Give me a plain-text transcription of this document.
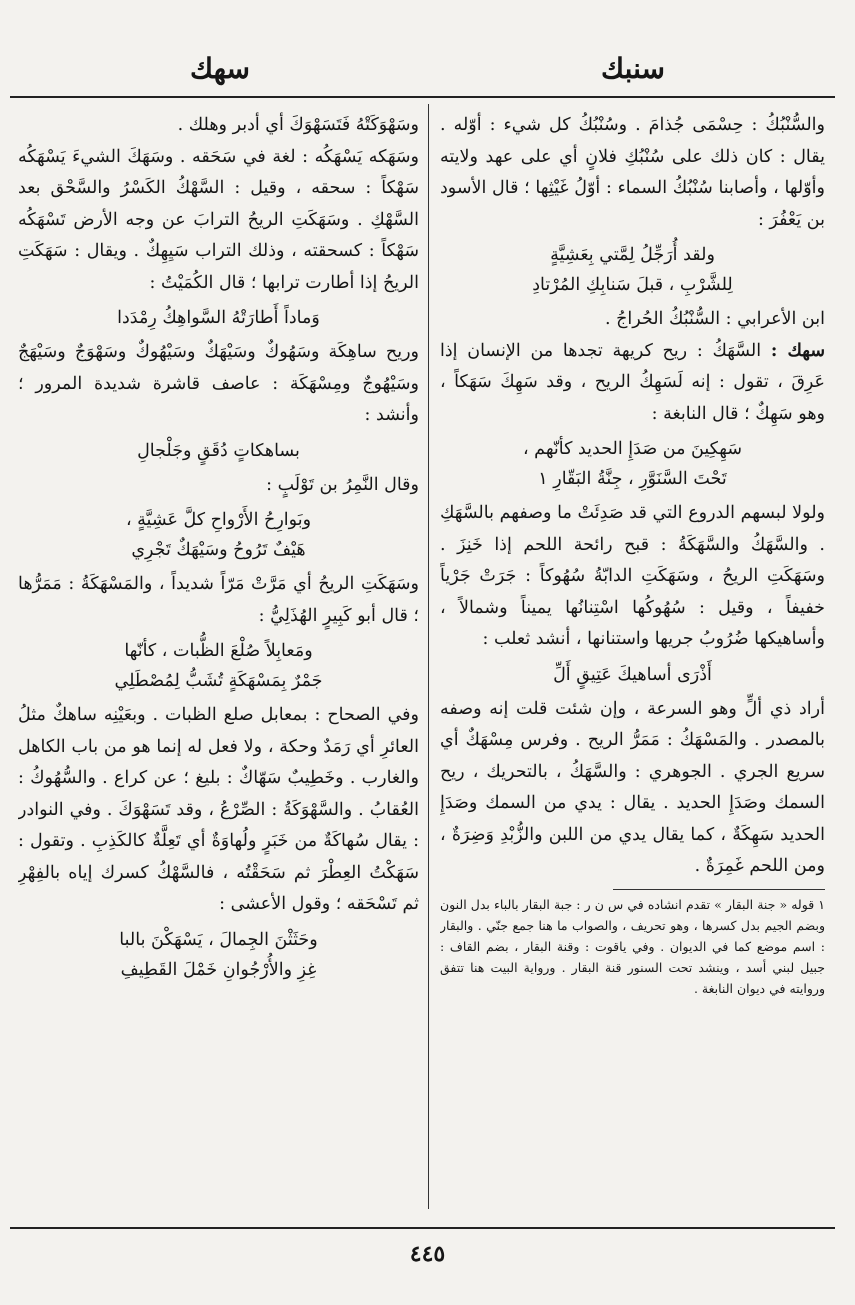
سنبك
سهك

والسُّنْبُكُ : حِسْمَى جُذامَ . وسُنْبُكُ كل شيء : أوّله . يقال : كان ذلك على سُنْبُكِ فلانٍ أي على عهد ولايته وأوّلها ، وأصابنا سُنْبُكُ السماء : أوّلُ غَيْثِها ؛ قال الأسود بن يَعْفُرَ :

ولقد أُرَجِّلُ لِمَّتي بِعَشِيَّةٍ
لِلشَّرْبِ ، قبلَ سَنابِكِ المُرْتادِ

ابن الأعرابي : السُّنْبُكُ الحُراجُ .

سهك : السَّهَكُ : ريح كريهة تجدها من الإنسان إذا عَرِقَ ، تقول : إنه لَسَهِكُ الريح ، وقد سَهِكَ سَهَكاً ، وهو سَهِكٌ ؛ قال النابغة :

سَهِكِينَ من صَدَإِ الحديد كأنّهم ،
تَحْتَ السَّنَوَّرِ ، جِنَّةُ البَقّارِ ١

ولولا لبسهم الدروع التي قد صَدِئَتْ ما وصفهم بالسَّهَكِ . والسَّهَكُ والسَّهَكَةُ : قبح رائحة اللحم إذا خَنِزَ . وسَهَكَتِ الريحُ ، وسَهَكَتِ الدابّةُ سُهُوكاً : جَرَتْ جَرْياً خفيفاً ، وقيل : سُهُوكُها اسْتِنانُها يميناً وشمالاً ، وأساهيكها ضُرُوبُ جريها واستنانها ، أنشد ثعلب :

أَذْرَى أساهيكَ عَتِيقٍ أَلِّ

أراد ذي ألٍّ وهو السرعة ، وإن شئت قلت إنه وصفه بالمصدر . والمَسْهَكُ : مَمَرُّ الريح . وفرس مِسْهَكٌ أي سريع الجري . الجوهري : والسَّهَكُ ، بالتحريك ، ريح السمك وصَدَإِ الحديد . يقال : يدي من السمك وصَدَإِ الحديد سَهِكَةٌ ، كما يقال يدي من اللبن والزُّبْدِ وَضِرَةٌ ، ومن اللحم غَمِرَةٌ .

١ قوله « جنة البقار » تقدم انشاده في س ن ر : جبة البقار بالباء بدل النون وبضم الجيم بدل كسرها ، وهو تحريف ، والصواب ما هنا جمع جنّي . والبقار : اسم موضع كما في الديوان . وفي ياقوت : وقنة البقار ، بضم القاف : جبيل لبني أسد ، وينشد تحت السنور قنة البقار . ورواية البيت هنا تتفق وروايته في ديوان النابغة .

وسَهْوَكَتْهُ فَتَسَهْوَكَ أي أدبر وهلك .

وسَهَكه يَسْهَكُه : لغة في سَحَقه . وسَهَكَ الشيءَ يَسْهَكُه سَهْكاً : سحقه ، وقيل : السَّهْكُ الكَسْرُ والسَّحْق بعد السَّهْكِ . وسَهَكَتِ الريحُ الترابَ عن وجه الأرض تَسْهَكُه سَهْكاً : كسحقته ، وذلك التراب سَيِهِكٌ . ويقال : سَهَكَتِ الريحُ إذا أطارت ترابها ؛ قال الكُمَيْتُ :

وَماداً أَطارَتْهُ السَّواهِكُ رِمْدَدا

وريح ساهِكَة وسَهُوكٌ وسَيْهَكٌ وسَيْهُوكٌ وسَهْوَجٌ وسَيْهَجٌ وسَيْهُوجٌ ومِسْهَكَة : عاصف قاشرة شديدة المرور ؛ وأنشد :

بساهكاتٍ دُقَقٍ وجَلْجالِ

وقال النَّمِرُ بن تَوْلَبٍ :

وبَوارِحُ الأَرْواحِ كلَّ عَشِيَّةٍ ،
هَيْفٌ تَرُوحُ وسَيْهَكٌ تَجْرِي

وسَهَكَتِ الريحُ أي مَرَّتْ مَرّاً شديداً ، والمَسْهَكَةُ : مَمَرُّها ؛ قال أبو كَبِيرٍ الهُذَلِيُّ :

ومَعابِلاً صُلْعَ الظُّبات ، كأنّها
جَمْرٌ بِمَسْهَكَةٍ تُشَبُّ لِمُصْطَلِي

وفي الصحاح : بمعابل صلع الظبات . وبعَيْنِه ساهكٌ مثلُ العائرِ أي رَمَدٌ وحكة ، ولا فعل له إنما هو من باب الكاهل والغارب . وخَطِيبٌ سَهّاكٌ : بليغ ؛ عن كراع . والسُّهُوكُ : العُقابُ . والسَّهْوَكَةُ : الصِّرْعُ ، وقد تَسَهْوَكَ . وفي النوادر : يقال سُهاكَةٌ من خَبَرٍ ولُهاوَةٌ أي تَعِلَّةٌ كالكَذِبِ . وتقول : سَهَكْتُ العِطْرَ ثم سَحَقْتُه ، فالسَّهْكُ كسرك إياه بالفِهْرِ ثم تَسْحَقه ؛ وقول الأعشى :

وحَثَثْنَ الجِمالَ ، يَسْهَكْنَ بالبا
غِزِ والأُرْجُوانِ خَمْلَ القَطِيفِ
٤٤٥
